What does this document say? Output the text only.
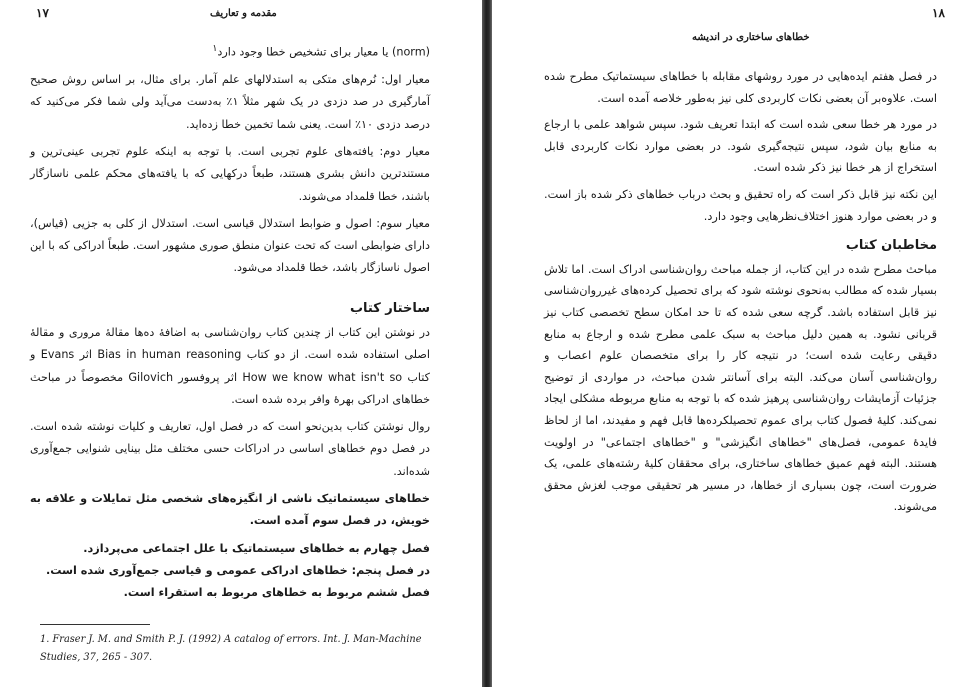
۱۷	مقدمه و تعاریف

(norm) یا معیار برای تشخیص خطا وجود دارد$^۱$

معیار اول: نُرم‌های متکی به استدلالهای علم آمار. برای مثال، بر اساس روش صحیح آمارگیری در صد دزدی در یک شهر مثلاً ۱٪ به‌دست می‌آید ولی شما فکر می‌کنید که درصد دزدی ۱۰٪ است. یعنی شما تخمین خطا زده‌اید.

معیار دوم: یافته‌های علوم تجربی است. با توجه به اینکه علوم تجربی عینی‌ترین و مستندترین دانش بشری هستند، طبعاً درکهایی که با یافته‌های محکم علمی ناسازگار باشند، خطا قلمداد می‌شوند.

معیار سوم: اصول و ضوابط استدلال قیاسی است. استدلال از کلی به جزیی (قیاس)، دارای ضوابطی است که تحت عنوان منطق صوری مشهور است. طبعاً ادراکی که با این اصول ناسازگار باشد، خطا قلمداد می‌شود.

ساختار کتاب

در نوشتن این کتاب از چندین کتاب روان‌شناسی به اضافهٔ ده‌ها مقالهٔ مروری و مقالهٔ اصلی استفاده شده است. از دو کتاب Bias in human reasoning اثر Evans و کتاب How we know what isn't so اثر پروفسور Gilovich مخصوصاً در مباحث خطاهای ادراکی بهرهٔ وافر برده شده است.

روال نوشتن کتاب بدین‌نحو است که در فصل اول، تعاریف و کلیات نوشته شده است. در فصل دوم خطاهای اساسی در ادراکات حسی مختلف مثل بینایی شنوایی جمع‌آوری شده‌اند.

خطاهای سیستماتیک ناشی از انگیزه‌های شخصی مثل تمایلات و علاقه به خویش، در فصل سوم آمده است.

فصل چهارم به خطاهای سیستماتیک با علل اجتماعی می‌پردازد.

در فصل پنجم: خطاهای ادراکی عمومی و قیاسی جمع‌آوری شده است.

فصل ششم مربوط به خطاهای مربوط به استقراء است.

1. Fraser J. M. and Smith P. J. (1992) A catalog of errors. Int. J. Man-Machine Studies, 37, 265 - 307.
۱۸
خطاهای ساختاری در اندیشه

در فصل هفتم ایده‌هایی در مورد روشهای مقابله با خطاهای سیستماتیک مطرح شده است. علاوه‌بر آن بعضی نکات کاربردی کلی نیز به‌طور خلاصه آمده است.

در مورد هر خطا سعی شده است که ابتدا تعریف شود. سپس شواهد علمی با ارجاع به منابع بیان شود، سپس نتیجه‌گیری شود. در بعضی موارد نکات کاربردی قابل استخراج از هر خطا نیز ذکر شده است.

این نکته نیز قابل ذکر است که راه تحقیق و بحث درباب خطاهای ذکر شده باز است. و در بعضی موارد هنوز اختلاف‌نظرهایی وجود دارد.

مخاطبان کتاب

مباحث مطرح شده در این کتاب، از جمله مباحث روان‌شناسی ادراک است. اما تلاش بسیار شده که مطالب به‌نحوی نوشته شود که برای تحصیل کرده‌های غیرروان‌شناسی نیز قابل استفاده باشد. گرچه سعی شده که تا حد امکان سطح تخصصی کتاب نیز قربانی نشود. به همین دلیل مباحث به سبک علمی مطرح شده و ارجاع به منابع دقیقی رعایت شده است؛ در نتیجه کار را برای متخصصان علوم اعصاب و روان‌شناسی آسان می‌کند. البته برای آسانتر شدن مباحث، در مواردی از توضیح جزئیات آزمایشات روان‌شناسی پرهیز شده که با توجه به منابع مربوطه مشکلی ایجاد نمی‌کند. کلیهٔ فصول کتاب برای عموم تحصیلکرده‌ها قابل فهم و مفیدند، اما از لحاظ فایدهٔ عمومی، فصل‌های "خطاهای انگیزشی" و "خطاهای اجتماعی" در اولویت هستند. البته فهم عمیق خطاهای ساختاری، برای محققان کلیهٔ رشته‌های علمی، یک ضرورت است، چون بسیاری از خطاها، در مسیر هر تحقیقی موجب لغزش محقق می‌شوند.
